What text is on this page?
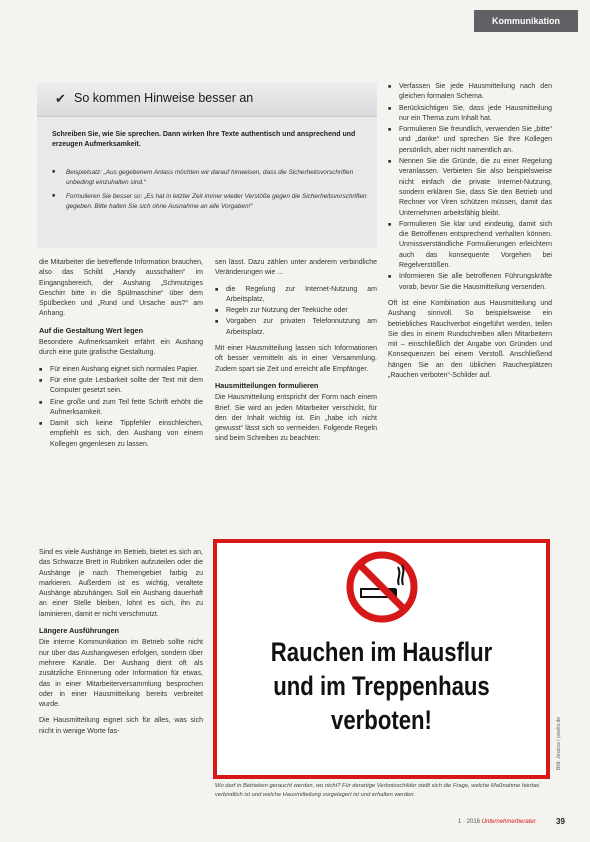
Kommunikation
✔ So kommen Hinweise besser an
Schreiben Sie, wie Sie sprechen. Dann wirken Ihre Texte authentisch und ansprechend und erzeugen Aufmerksamkeit.
■ Beispielsatz: „Aus gegebenem Anlass möchten wir darauf hinweisen, dass die Sicherheitsvorschriften unbedingt einzuhalten sind.“
■ Formulieren Sie besser so: „Es hat in letzter Zeit immer wieder Verstöße gegen die Sicherheitsvorschriften gegeben. Bitte halten Sie sich ohne Ausnahme an alle Vorgaben!“

die Mitarbeiter die betreffende Information brauchen, also das Schild „Handy ausschalten“ im Eingangsbereich, der Aushang „Schmutziges Geschirr bitte in die Spülmaschine“ über dem Spülbecken und „Rund und Ursache aus?“ am Anhang.

Auf die Gestaltung Wert legen

Besondere Aufmerksamkeit erfährt ein Aushang durch eine gute grafische Gestaltung.

■ Für einen Aushang eignet sich normales Papier.
■ Für eine gute Lesbarkeit sollte der Text mit dem Computer gesetzt sein.
■ Eine große und zum Teil fette Schrift erhöht die Aufmerksamkeit.
■ Damit sich keine Tippfehler einschleichen, empfiehlt es sich, den Aushang von einem Kollegen gegenlesen zu lassen.

Sind es viele Aushänge im Betrieb, bietet es sich an, das Schwarze Brett in Rubriken aufzuteilen oder die Aushänge je nach Themengebiet farbig zu markieren. Außerdem ist es wichtig, veraltete Aushänge abzuhängen. Soll ein Aushang dauerhaft an einer Stelle bleiben, lohnt es sich, ihn zu laminieren, damit er nicht verschmutzt.

Längere Ausführungen

Die interne Kommunikation im Betrieb sollte nicht nur über das Aushangwesen erfolgen, sondern über mehrere Kanäle. Der Aushang dient oft als zusätzliche Erinnerung oder Information für etwas, das in einer Mitarbeiterversammlung besprochen oder in einer Hausmitteilung bereits verbreitet wurde.

Die Hausmitteilung eignet sich für alles, was sich nicht in wenige Worte fas-

sen lässt. Dazu zählen unter anderem verbindliche Veränderungen wie ...

■ die Regelung zur Internet-Nutzung am Arbeitsplatz,
■ Regeln zur Nutzung der Teeküche oder
■ Vorgaben zur privaten Telefonnutzung am Arbeitsplatz.

Mit einer Hausmitteilung lassen sich Informationen oft besser vermitteln als in einer Versammlung. Zudem spart sie Zeit und erreicht alle Empfänger.

Hausmitteilungen formulieren

Die Hausmitteilung entspricht der Form nach einem Brief. Sie wird an jeden Mitarbeiter verschickt, für den der Inhalt wichtig ist. Ein „habe ich nicht gewusst“ lässt sich so vermeiden. Folgende Regeln sind beim Schreiben zu beachten:

■ Verfassen Sie jede Hausmitteilung nach den gleichen formalen Schema.
■ Berücksichtigen Sie, dass jede Hausmitteilung nur ein Thema zum Inhalt hat.
■ Formulieren Sie freundlich, verwenden Sie „bitte“ und „danke“ und sprechen Sie Ihre Kollegen persönlich, aber nicht namentlich an.
■ Nennen Sie die Gründe, die zu einer Regelung veranlassen. Verbieten Sie also beispielsweise nicht einfach die private Internet-Nutzung, sondern erklären Sie, dass Sie den Betrieb und Rechner vor Viren schützen müssen, damit das Unternehmen arbeitsfähig bleibt.
■ Formulieren Sie klar und eindeutig, damit sich die Betroffenen entsprechend verhalten können. Unmissverständliche Formulierungen erleichtern auch das konsequente Vorgehen bei Regelverstößen.
■ Informieren Sie alle betroffenen Führungskräfte vorab, bevor Sie die Hausmitteilung versenden.

Oft ist eine Kombination aus Hausmitteilung und Aushang sinnvoll. So beispielsweise ein betriebliches Rauchverbot eingeführt werden, teilen Sie dies in einem Rundschreiben allen Mitarbeitern mit – einschließlich der Angabe von Gründen und Konsequenzen bei einem Verstoß. Anschließend hängen Sie an den üblichen Raucherplätzen „Rauchen verboten“-Schilder auf.

Rauchen im Hausflur
und im Treppenhaus
verboten!	Bild: Jessica / pixelio.de
Wo darf in Betrieben geraucht werden, wo nicht? Für derartige Verbotsschilder stellt sich die Frage, welche Maßnahme hierbei verbindlich ist und welche Hausmitteilung vorgelagert ist und erhalten werden.
1 · 2016 Unternehmerberater	39
